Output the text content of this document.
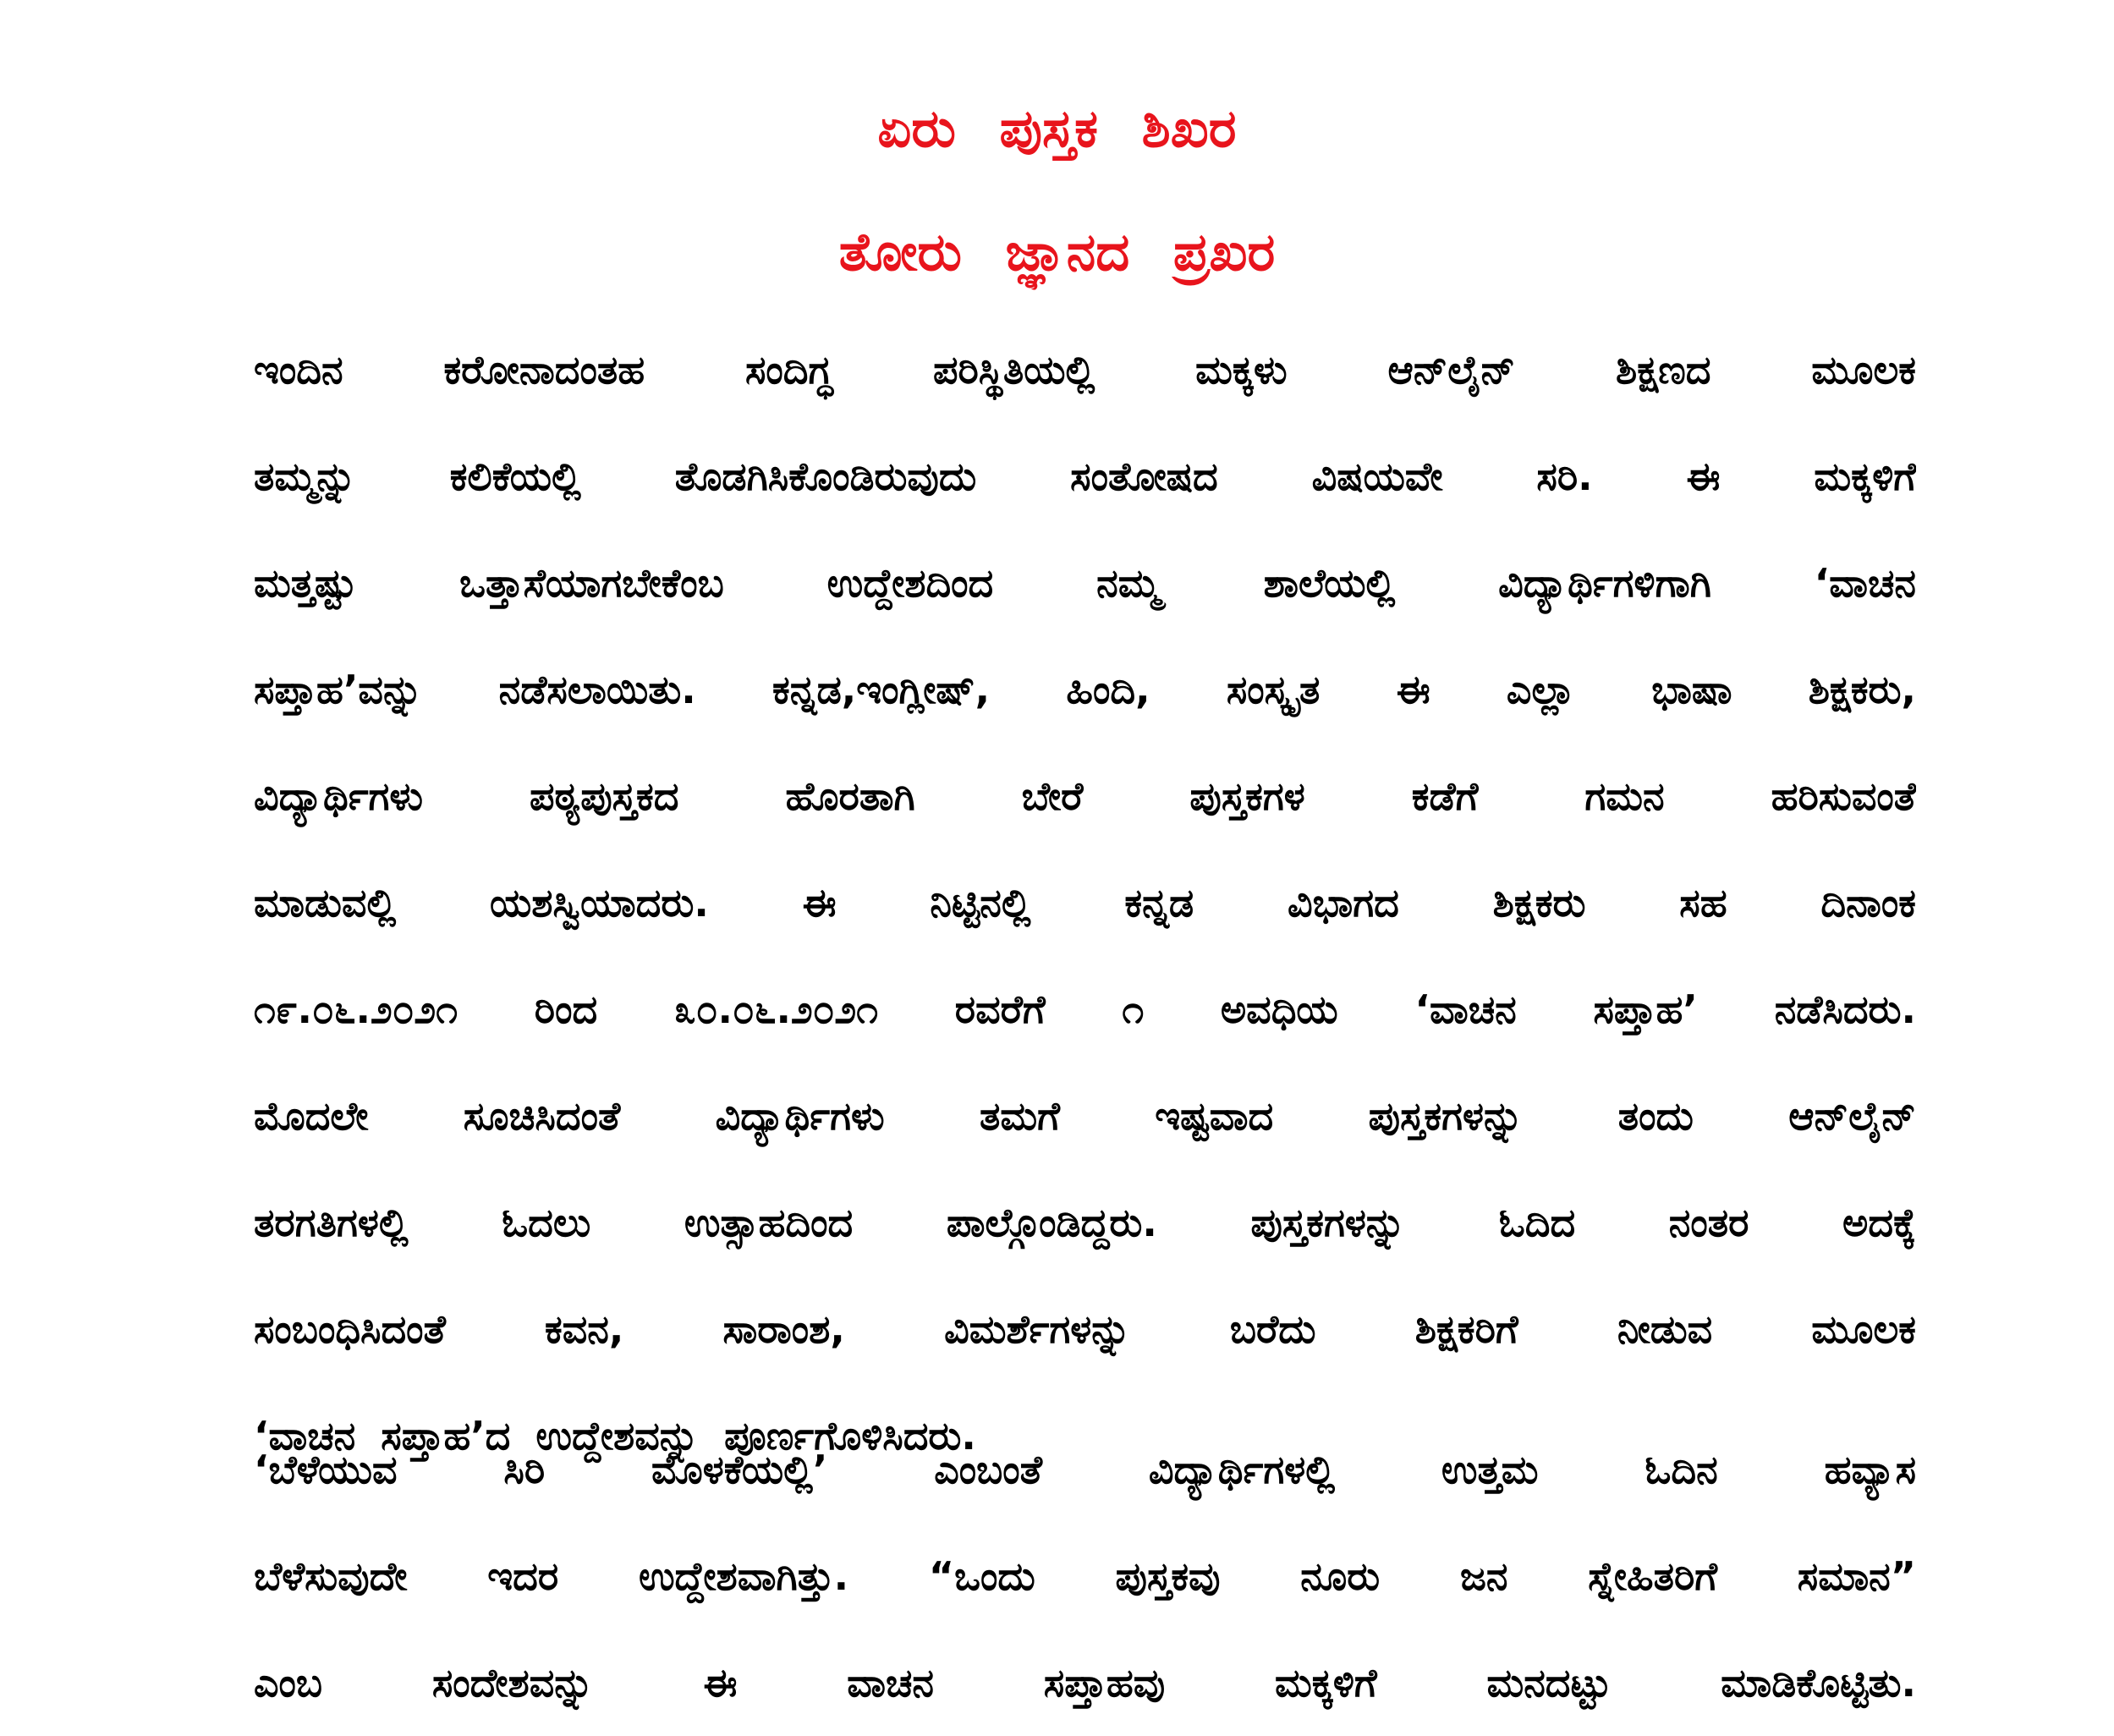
ಏರು ಪುಸ್ತಕ ಶಿಖರ
ತೋರು ಜ್ಞಾನದ ಪ್ರಖರ
ಇಂದಿನ ಕರೋನಾದಂತಹ ಸಂದಿಗ್ಧ ಪರಿಸ್ಥಿತಿಯಲ್ಲಿ ಮಕ್ಕಳು ಆನ್‌ಲೈನ್ ಶಿಕ್ಷಣದ ಮೂಲಕ
ತಮ್ಮನ್ನು ಕಲಿಕೆಯಲ್ಲಿ ತೊಡಗಿಸಿಕೊಂಡಿರುವುದು ಸಂತೋಷದ ವಿಷಯವೇ ಸರಿ. ಈ ಮಕ್ಕಳಿಗೆ
ಮತ್ತಷ್ಟು ಒತ್ತಾಸೆಯಾಗಬೇಕೆಂಬ ಉದ್ದೇಶದಿಂದ ನಮ್ಮ ಶಾಲೆಯಲ್ಲಿ ವಿದ್ಯಾರ್ಥಿಗಳಿಗಾಗಿ ‘ವಾಚನ
ಸಪ್ತಾಹ’ವನ್ನು ನಡೆಸಲಾಯಿತು. ಕನ್ನಡ,ಇಂಗ್ಲೀಷ್, ಹಿಂದಿ, ಸಂಸ್ಕೃತ ಈ ಎಲ್ಲಾ ಭಾಷಾ ಶಿಕ್ಷಕರು,
ವಿದ್ಯಾರ್ಥಿಗಳು ಪಠ್ಯಪುಸ್ತಕದ ಹೊರತಾಗಿ ಬೇರೆ ಪುಸ್ತಕಗಳ ಕಡೆಗೆ ಗಮನ ಹರಿಸುವಂತೆ
ಮಾಡುವಲ್ಲಿ ಯಶಸ್ವಿಯಾದರು. ಈ ನಿಟ್ಟಿನಲ್ಲಿ ಕನ್ನಡ ವಿಭಾಗದ ಶಿಕ್ಷಕರು ಸಹ ದಿನಾಂಕ
೧೯.೦೬.೨೦೨೧ ರಿಂದ ೩೦.೦೬.೨೦೨೧ ರವರೆಗೆ ೧ ಅವಧಿಯ ‘ವಾಚನ ಸಪ್ತಾಹ’ ನಡೆಸಿದರು.
ಮೊದಲೇ ಸೂಚಿಸಿದಂತೆ ವಿದ್ಯಾರ್ಥಿಗಳು ತಮಗೆ ಇಷ್ಟವಾದ ಪುಸ್ತಕಗಳನ್ನು ತಂದು ಆನ್‌ಲೈನ್
ತರಗತಿಗಳಲ್ಲಿ ಓದಲು ಉತ್ಸಾಹದಿಂದ ಪಾಲ್ಗೊಂಡಿದ್ದರು. ಪುಸ್ತಕಗಳನ್ನು ಓದಿದ ನಂತರ ಅದಕ್ಕೆ
ಸಂಬಂಧಿಸಿದಂತೆ ಕವನ, ಸಾರಾಂಶ, ವಿಮರ್ಶೆಗಳನ್ನು ಬರೆದು ಶಿಕ್ಷಕರಿಗೆ ನೀಡುವ ಮೂಲಕ
‘ವಾಚನ ಸಪ್ತಾಹ’ದ ಉದ್ದೇಶವನ್ನು ಪೂರ್ಣಗೊಳಿಸಿದರು.
‘ಬೆಳೆಯುವ ಸಿರಿ ಮೊಳಕೆಯಲ್ಲಿ’ ಎಂಬಂತೆ ವಿದ್ಯಾರ್ಥಿಗಳಲ್ಲಿ ಉತ್ತಮ ಓದಿನ ಹವ್ಯಾಸ
ಬೆಳೆಸುವುದೇ ಇದರ ಉದ್ದೇಶವಾಗಿತ್ತು. “ಒಂದು ಪುಸ್ತಕವು ನೂರು ಜನ ಸ್ನೇಹಿತರಿಗೆ ಸಮಾನ”
ಎಂಬ ಸಂದೇಶವನ್ನು ಈ ವಾಚನ ಸಪ್ತಾಹವು ಮಕ್ಕಳಿಗೆ ಮನದಟ್ಟು ಮಾಡಿಕೊಟ್ಟಿತು.
